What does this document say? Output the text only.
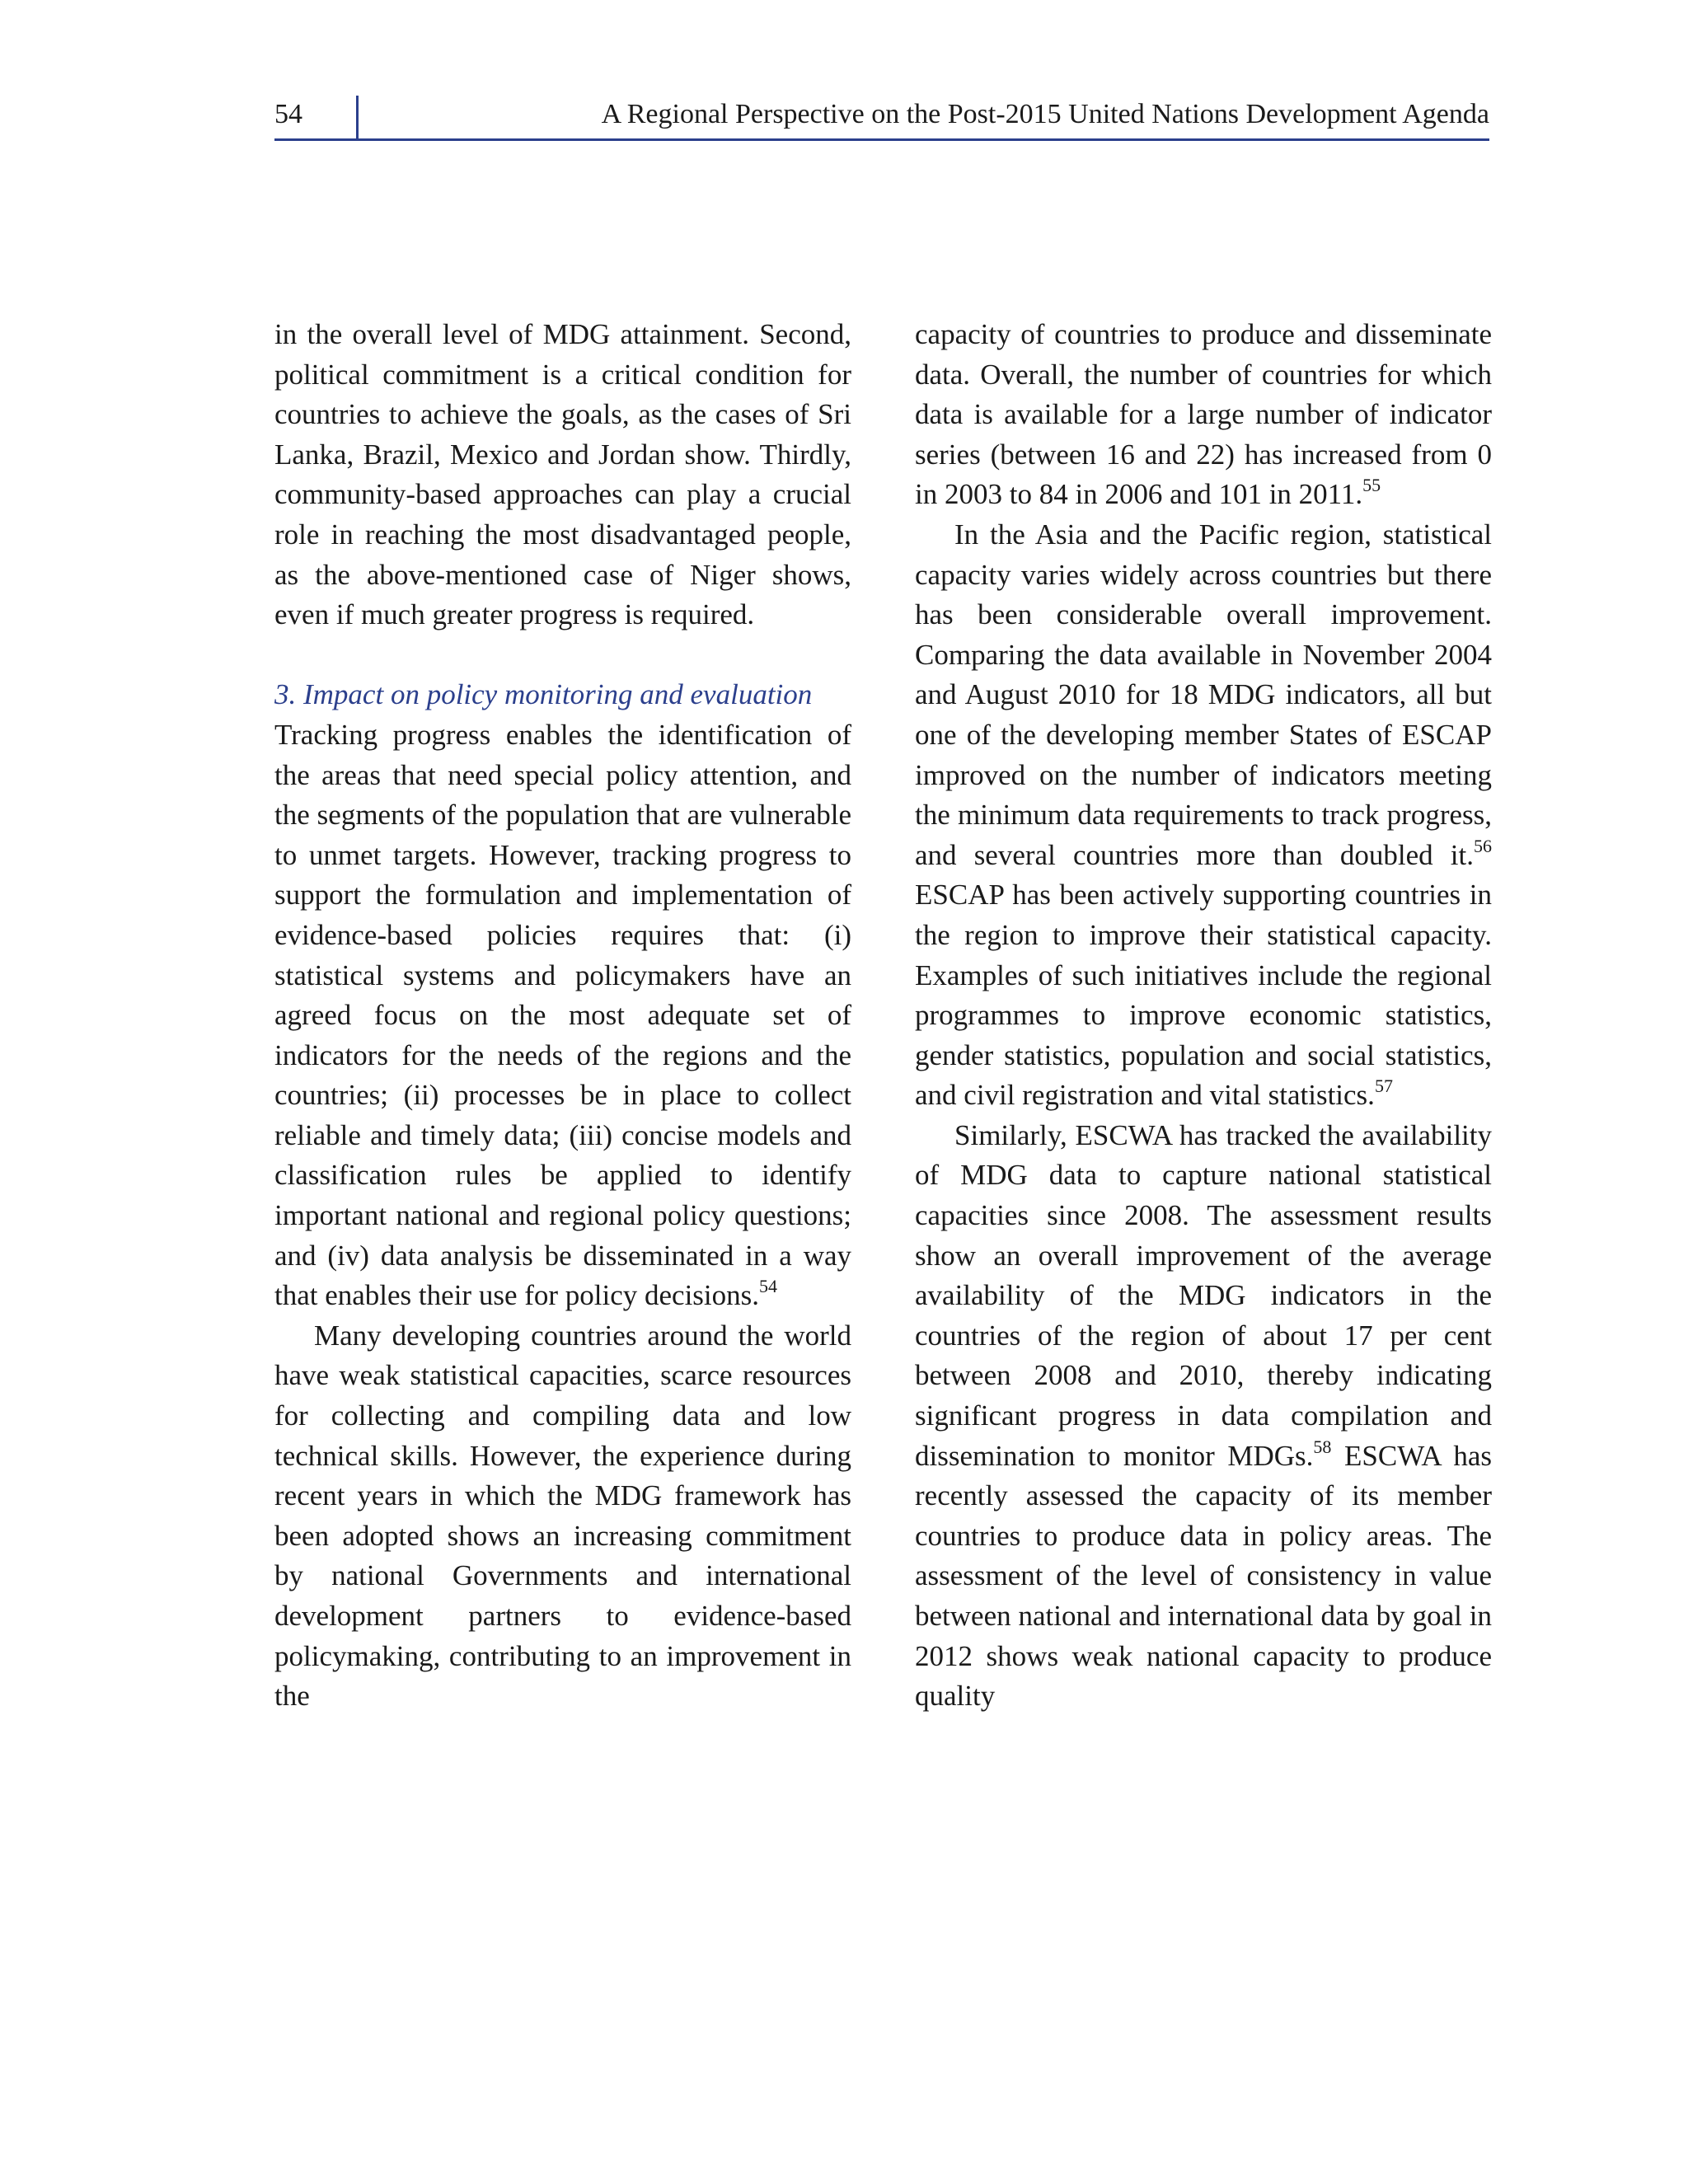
54	A Regional Perspective on the Post-2015 United Nations Development Agenda

in the overall level of MDG attainment. Second, political commitment is a critical condition for countries to achieve the goals, as the cases of Sri Lanka, Brazil, Mexico and Jordan show. Thirdly, community-based approaches can play a crucial role in reaching the most disadvantaged people, as the above-mentioned case of Niger shows, even if much greater progress is required.

3. Impact on policy monitoring and evaluation

Tracking progress enables the identification of the areas that need special policy attention, and the segments of the population that are vulnerable to unmet targets. However, tracking progress to support the formulation and implementation of evidence-based policies requires that: (i) statistical systems and policymakers have an agreed focus on the most adequate set of indicators for the needs of the regions and the countries; (ii) processes be in place to collect reliable and timely data; (iii) concise models and classification rules be applied to identify important national and regional policy questions; and (iv) data analysis be disseminated in a way that enables their use for policy decisions.$^{54}$

Many developing countries around the world have weak statistical capacities, scarce resources for collecting and compiling data and low technical skills. However, the experience during recent years in which the MDG framework has been adopted shows an increasing commitment by national Governments and international development partners to evidence-based policymaking, contributing to an improvement in the

capacity of countries to produce and disseminate data. Overall, the number of countries for which data is available for a large number of indicator series (between 16 and 22) has increased from 0 in 2003 to 84 in 2006 and 101 in 2011.55

In the Asia and the Pacific region, statistical capacity varies widely across countries but there has been considerable overall improvement. Comparing the data available in November 2004 and August 2010 for 18 MDG indicators, all but one of the developing member States of ESCAP improved on the number of indicators meeting the minimum data requirements to track progress, and several countries more than doubled it.$^{56}$ ESCAP has been actively supporting countries in the region to improve their statistical capacity. Examples of such initiatives include the regional programmes to improve economic statistics, gender statistics, population and social statistics, and civil registration and vital statistics.$^{57}$

Similarly, ESCWA has tracked the availability of MDG data to capture national statistical capacities since 2008. The assessment results show an overall improvement of the average availability of the MDG indicators in the countries of the region of about 17 per cent between 2008 and 2010, thereby indicating significant progress in data compilation and dissemination to monitor MDGs.$^{58}$ ESCWA has recently assessed the capacity of its member countries to produce data in policy areas. The assessment of the level of consistency in value between national and international data by goal in 2012 shows weak national capacity to produce quality
